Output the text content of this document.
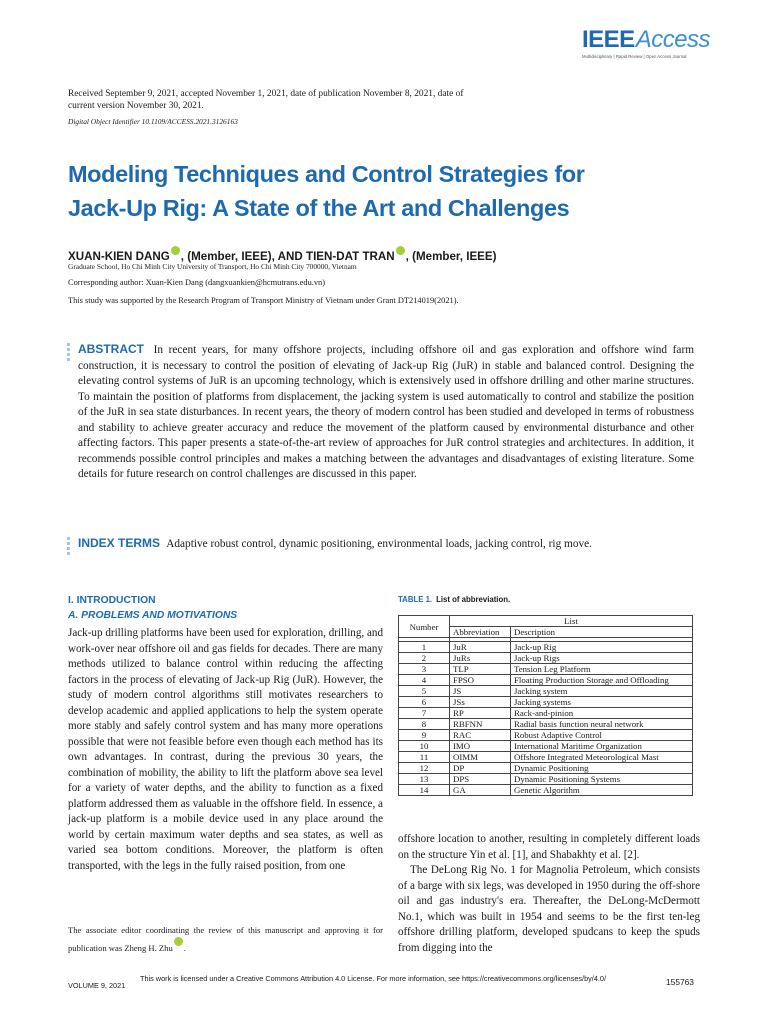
IEEEAccess
Multidisciplinary | Rapid Review | Open Access Journal
Received September 9, 2021, accepted November 1, 2021, date of publication November 8, 2021, date of current version November 30, 2021.
Digital Object Identifier 10.1109/ACCESS.2021.3126163
Modeling Techniques and Control Strategies for Jack-Up Rig: A State of the Art and Challenges
XUAN-KIEN DANG , (Member, IEEE), AND TIEN-DAT TRAN , (Member, IEEE)
Graduate School, Ho Chi Minh City University of Transport, Ho Chi Minh City 700000, Vietnam
Corresponding author: Xuan-Kien Dang (dangxuankien@hcmutrans.edu.vn)
This study was supported by the Research Program of Transport Ministry of Vietnam under Grant DT214019(2021).
ABSTRACT In recent years, for many offshore projects, including offshore oil and gas exploration and offshore wind farm construction, it is necessary to control the position of elevating of Jack-up Rig (JuR) in stable and balanced control. Designing the elevating control systems of JuR is an upcoming technology, which is extensively used in offshore drilling and other marine structures. To maintain the position of platforms from displacement, the jacking system is used automatically to control and stabilize the position of the JuR in sea state disturbances. In recent years, the theory of modern control has been studied and developed in terms of robustness and stability to achieve greater accuracy and reduce the movement of the platform caused by environmental disturbance and other affecting factors. This paper presents a state-of-the-art review of approaches for JuR control strategies and architectures. In addition, it recommends possible control principles and makes a matching between the advantages and disadvantages of existing literature. Some details for future research on control challenges are discussed in this paper.
INDEX TERMS Adaptive robust control, dynamic positioning, environmental loads, jacking control, rig move.
I. INTRODUCTION
A. PROBLEMS AND MOTIVATIONS
Jack-up drilling platforms have been used for exploration, drilling, and work-over near offshore oil and gas fields for decades. There are many methods utilized to balance control within reducing the affecting factors in the process of elevating of Jack-up Rig (JuR). However, the study of modern control algorithms still motivates researchers to develop academic and applied applications to help the system operate more stably and safely control system and has many more operations possible that were not feasible before even though each method has its own advantages. In contrast, during the previous 30 years, the combination of mobility, the ability to lift the platform above sea level for a variety of water depths, and the ability to function as a fixed platform addressed them as valuable in the offshore field. In essence, a jack-up platform is a mobile device used in any place around the world by certain maximum water depths and sea states, as well as varied sea bottom conditions. Moreover, the platform is often transported, with the legs in the fully raised position, from one
The associate editor coordinating the review of this manuscript and approving it for publication was Zheng H. Zhu .
TABLE 1. List of abbreviation.
Number	List	
	Abbreviation	Description

1	JuR	Jack-up Rig
2	JuRs	Jack-up Rigs
3	TLP	Tension Leg Platform
4	FPSO	Floating Production Storage and Offloading
5	JS	Jacking system
6	JSs	Jacking systems
7	RP	Rack-and-pinion
8	RBFNN	Radial basis function neural network
9	RAC	Robust Adaptive Control
10	IMO	International Maritime Organization
11	OIMM	Offshore Integrated Meteorological Mast
12	DP	Dynamic Positioning
13	DPS	Dynamic Positioning Systems
14	GA	Genetic Algorithm

offshore location to another, resulting in completely different loads on the structure Yin et al. [1], and Shabakhty et al. [2].

The DeLong Rig No. 1 for Magnolia Petroleum, which consists of a barge with six legs, was developed in 1950 during the off-shore oil and gas industry's era. Thereafter, the DeLong-McDermott No.1, which was built in 1954 and seems to be the first ten-leg offshore drilling platform, developed spudcans to keep the spuds from digging into the

VOLUME 9, 2021
This work is licensed under a Creative Commons Attribution 4.0 License. For more information, see https://creativecommons.org/licenses/by/4.0/	155763
